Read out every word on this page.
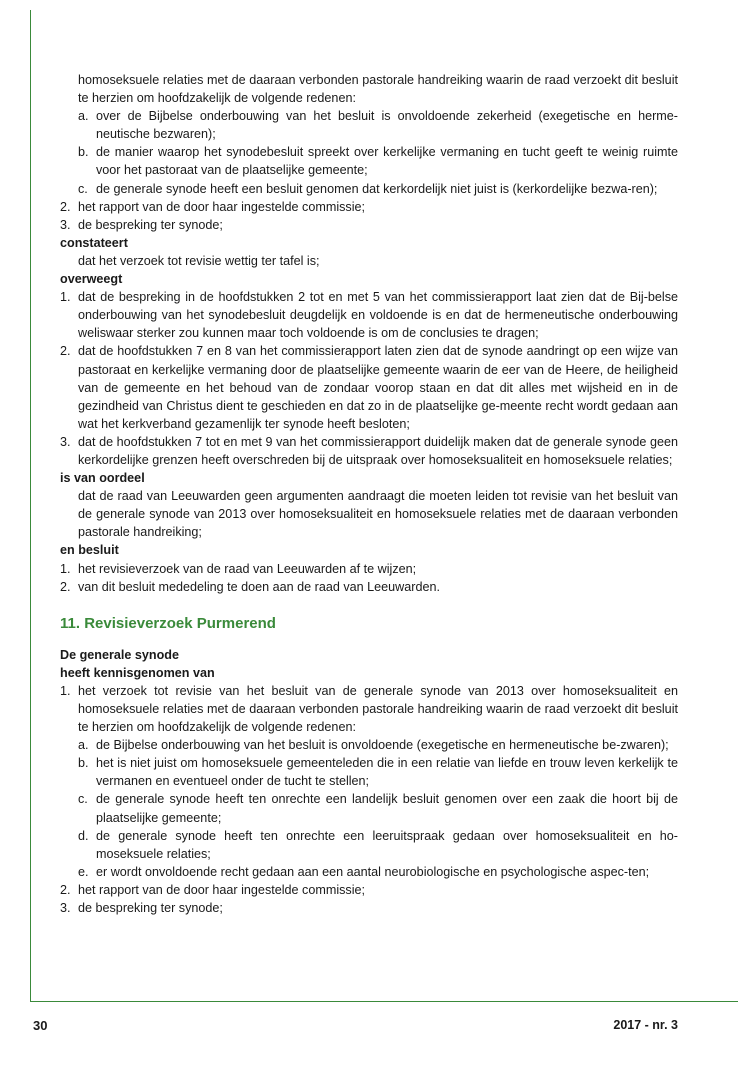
homoseksuele relaties met de daaraan verbonden pastorale handreiking waarin de raad verzoekt dit besluit te herzien om hoofdzakelijk de volgende redenen:

a. over de Bijbelse onderbouwing van het besluit is onvoldoende zekerheid (exegetische en herme-neutische bezwaren);
b. de manier waarop het synodebesluit spreekt over kerkelijke vermaning en tucht geeft te weinig ruimte voor het pastoraat van de plaatselijke gemeente;
c. de generale synode heeft een besluit genomen dat kerkordelijk niet juist is (kerkordelijke bezwa-ren);
2. het rapport van de door haar ingestelde commissie;
3. de bespreking ter synode;

constateert

dat het verzoek tot revisie wettig ter tafel is;

overweegt

1. dat de bespreking in de hoofdstukken 2 tot en met 5 van het commissierapport laat zien dat de Bij-belse onderbouwing van het synodebesluit deugdelijk en voldoende is en dat de hermeneutische onderbouwing weliswaar sterker zou kunnen maar toch voldoende is om de conclusies te dragen;
2. dat de hoofdstukken 7 en 8 van het commissierapport laten zien dat de synode aandringt op een wijze van pastoraat en kerkelijke vermaning door de plaatselijke gemeente waarin de eer van de Heere, de heiligheid van de gemeente en het behoud van de zondaar voorop staan en dat dit alles met wijsheid en in de gezindheid van Christus dient te geschieden en dat zo in de plaatselijke ge-meente recht wordt gedaan aan wat het kerkverband gezamenlijk ter synode heeft besloten;
3. dat de hoofdstukken 7 tot en met 9 van het commissierapport duidelijk maken dat de generale synode geen kerkordelijke grenzen heeft overschreden bij de uitspraak over homoseksualiteit en homoseksuele relaties;

is van oordeel

dat de raad van Leeuwarden geen argumenten aandraagt die moeten leiden tot revisie van het besluit van de generale synode van 2013 over homoseksualiteit en homoseksuele relaties met de daaraan verbonden pastorale handreiking;

en besluit

1. het revisieverzoek van de raad van Leeuwarden af te wijzen;
2. van dit besluit mededeling te doen aan de raad van Leeuwarden.
11. Revisieverzoek Purmerend

De generale synode

heeft kennisgenomen van

1. het verzoek tot revisie van het besluit van de generale synode van 2013 over homoseksualiteit en homoseksuele relaties met de daaraan verbonden pastorale handreiking waarin de raad verzoekt dit besluit te herzien om hoofdzakelijk de volgende redenen:
a. de Bijbelse onderbouwing van het besluit is onvoldoende (exegetische en hermeneutische be-zwaren);
b. het is niet juist om homoseksuele gemeenteleden die in een relatie van liefde en trouw leven kerkelijk te vermanen en eventueel onder de tucht te stellen;
c. de generale synode heeft ten onrechte een landelijk besluit genomen over een zaak die hoort bij de plaatselijke gemeente;
d. de generale synode heeft ten onrechte een leeruitspraak gedaan over homoseksualiteit en ho-moseksuele relaties;
e. er wordt onvoldoende recht gedaan aan een aantal neurobiologische en psychologische aspec-ten;
2. het rapport van de door haar ingestelde commissie;
3. de bespreking ter synode;
30	2017 - nr. 3
